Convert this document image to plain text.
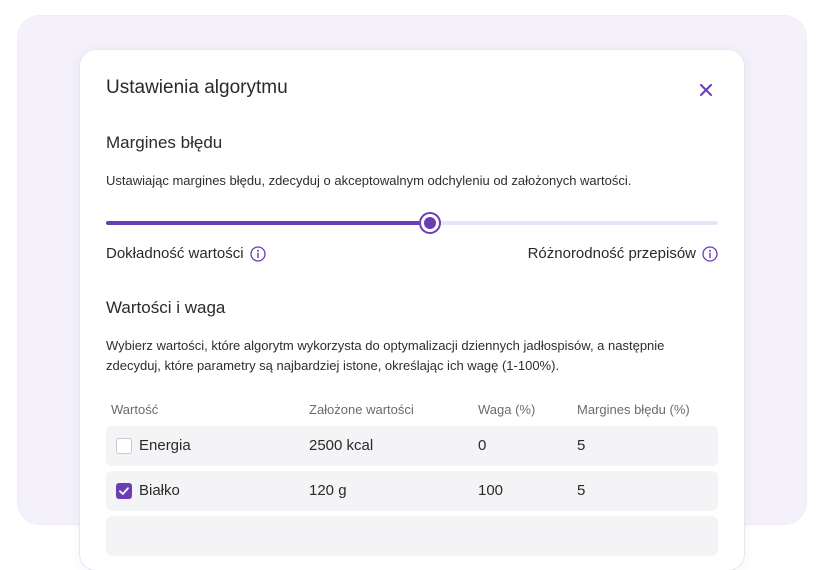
Ustawienia algorytmu
Margines błędu
Ustawiając margines błędu, zdecyduj o akceptowalnym odchyleniu od założonych wartości.
Dokładność wartości	Różnorodność przepisów
Wartości i waga
Wybierz wartości, które algorytm wykorzysta do optymalizacji dziennych jadłospisów, a następnie zdecyduj, które parametry są najbardziej istone, określając ich wagę (1-100%).
Wartość	Założone wartości	Waga (%)	Margines błędu (%)
Energia	2500 kcal	0	5
Białko	120 g	100	5
